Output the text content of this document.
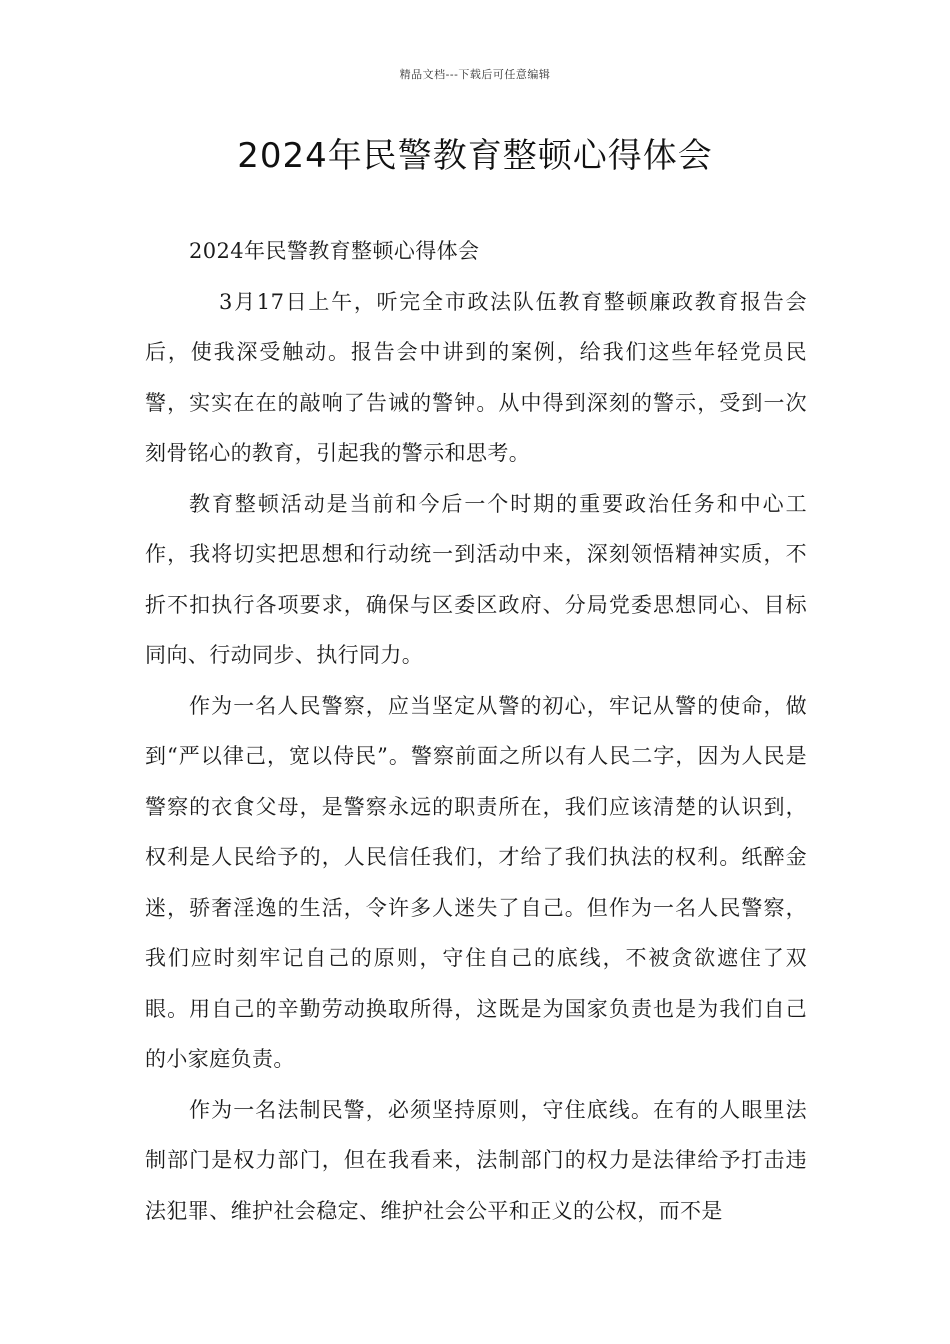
精品文档---下载后可任意编辑
2024年民警教育整顿心得体会

2024年民警教育整顿心得体会

3月17日上午，听完全市政法队伍教育整顿廉政教育报告会后，使我深受触动。报告会中讲到的案例，给我们这些年轻党员民警，实实在在的敲响了告诫的警钟。从中得到深刻的警示，受到一次刻骨铭心的教育，引起我的警示和思考。

教育整顿活动是当前和今后一个时期的重要政治任务和中心工作，我将切实把思想和行动统一到活动中来，深刻领悟精神实质，不折不扣执行各项要求，确保与区委区政府、分局党委思想同心、目标同向、行动同步、执行同力。

作为一名人民警察，应当坚定从警的初心，牢记从警的使命，做到“严以律己，宽以侍民”。警察前面之所以有人民二字，因为人民是警察的衣食父母，是警察永远的职责所在，我们应该清楚的认识到，权利是人民给予的，人民信任我们，才给了我们执法的权利。纸醉金迷，骄奢淫逸的生活，令许多人迷失了自己。但作为一名人民警察，我们应时刻牢记自己的原则，守住自己的底线，不被贪欲遮住了双眼。用自己的辛勤劳动换取所得，这既是为国家负责也是为我们自己的小家庭负责。

作为一名法制民警，必须坚持原则，守住底线。在有的人眼里法制部门是权力部门，但在我看来，法制部门的权力是法律给予打击违法犯罪、维护社会稳定、维护社会公平和正义的公权，而不是
